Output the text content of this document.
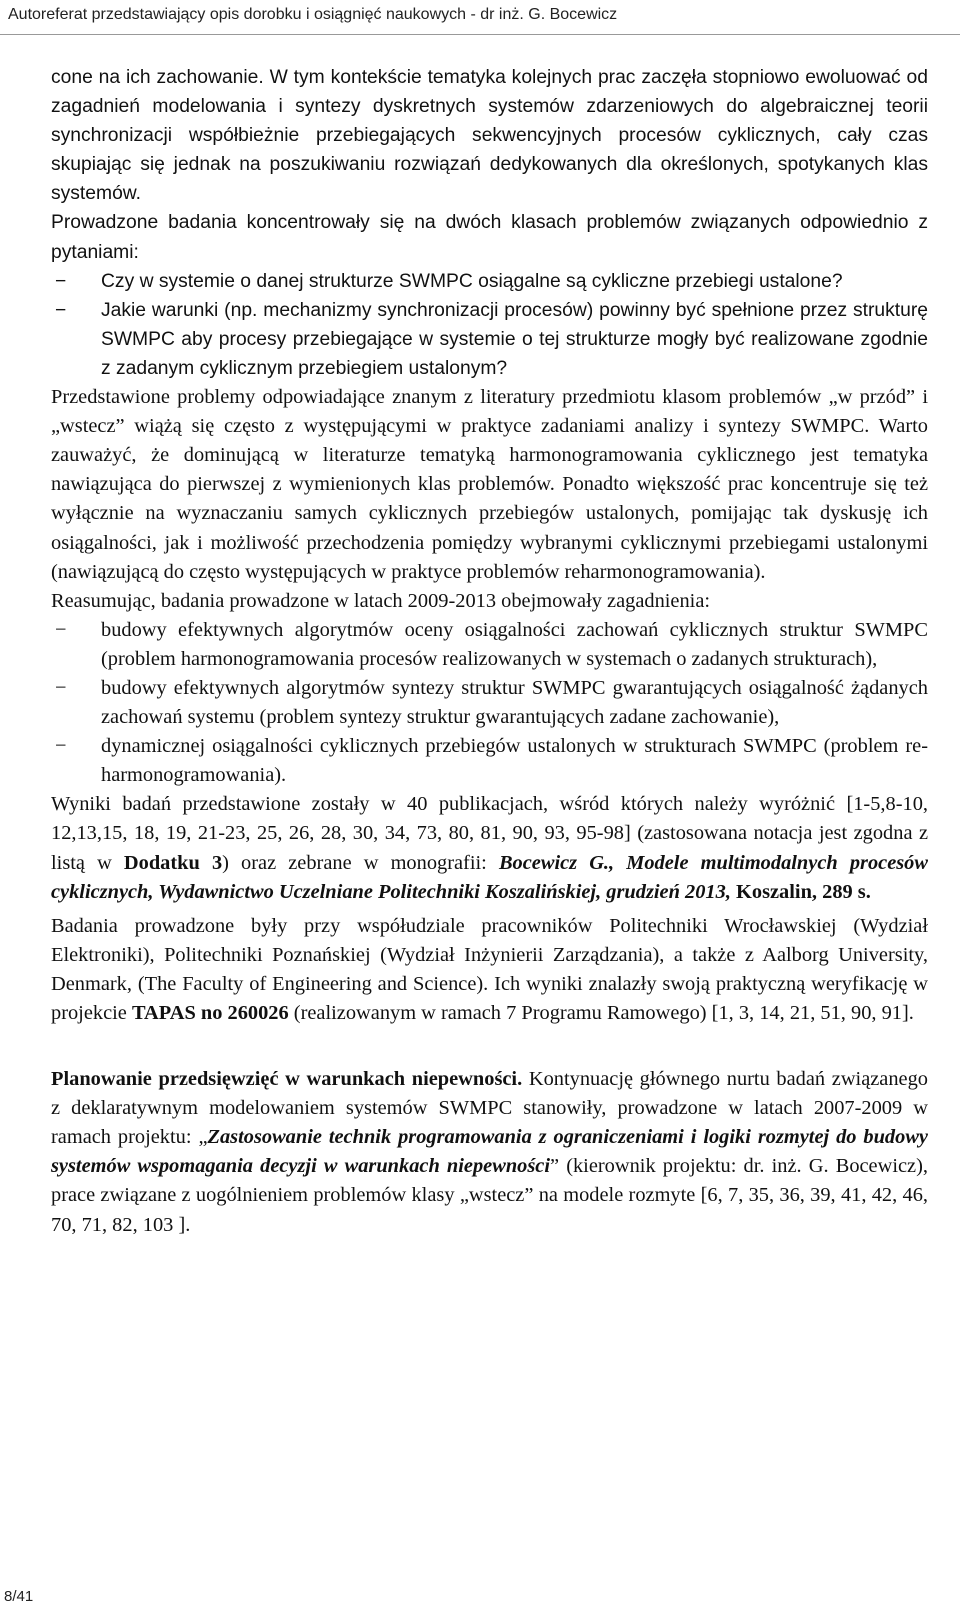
Autoreferat przedstawiający opis dorobku i osiągnięć naukowych - dr inż. G. Bocewicz

cone na ich zachowanie. W tym kontekście tematyka kolejnych prac zaczęła stopniowo ewoluować od zagadnień modelowania i syntezy dyskretnych systemów zdarzeniowych do algebraicznej teorii synchronizacji współbieżnie przebiegających sekwencyjnych procesów cyklicznych, cały czas skupiając się jednak na poszukiwaniu rozwiązań dedykowanych dla określonych, spotykanych klas systemów.

Prowadzone badania koncentrowały się na dwóch klasach problemów związanych odpowiednio z pytaniami:

− Czy w systemie o danej strukturze SWMPC osiągalne są cykliczne przebiegi ustalone?
− Jakie warunki (np. mechanizmy synchronizacji procesów) powinny być spełnione przez strukturę SWMPC aby procesy przebiegające w systemie o tej strukturze mogły być realizowane zgodnie z zadanym cyklicznym przebiegiem ustalonym?

Przedstawione problemy odpowiadające znanym z literatury przedmiotu klasom problemów „w przód” i „wstecz” wiążą się często z występującymi w praktyce zadaniami analizy i syntezy SWMPC. Warto zauważyć, że dominującą w literaturze tematyką harmonogramowania cyklicznego jest tematyka nawiązująca do pierwszej z wymienionych klas problemów. Ponadto większość prac koncentruje się też wyłącznie na wyznaczaniu samych cyklicznych przebiegów ustalonych, pomijając tak dyskusję ich osiągalności, jak i możliwość przechodzenia pomiędzy wybranymi cyklicznymi przebiegami ustalonymi (nawiązującą do często występujących w praktyce problemów reharmonogramowania).

Reasumując, badania prowadzone w latach 2009-2013 obejmowały zagadnienia:

− budowy efektywnych algorytmów oceny osiągalności zachowań cyklicznych struktur SWMPC (problem harmonogramowania procesów realizowanych w systemach o zadanych strukturach),
− budowy efektywnych algorytmów syntezy struktur SWMPC gwarantujących osiągalność żądanych zachowań systemu (problem syntezy struktur gwarantujących zadane zachowanie),
− dynamicznej osiągalności cyklicznych przebiegów ustalonych w strukturach SWMPC (problem re-harmonogramowania).

Wyniki badań przedstawione zostały w 40 publikacjach, wśród których należy wyróżnić [1-5,8-10, 12,13,15, 18, 19, 21-23, 25, 26, 28, 30, 34, 73, 80, 81, 90, 93, 95-98] (zastosowana notacja jest zgodna z listą w Dodatku 3) oraz zebrane w monografii: Bocewicz G., Modele multimodalnych procesów cyklicznych, Wydawnictwo Uczelniane Politechniki Koszalińskiej, grudzień 2013, Koszalin, 289 s.

Badania prowadzone były przy współudziale pracowników Politechniki Wrocławskiej (Wydział Elektroniki), Politechniki Poznańskiej (Wydział Inżynierii Zarządzania), a także z Aalborg University, Denmark, (The Faculty of Engineering and Science). Ich wyniki znalazły swoją praktyczną weryfikację w projekcie TAPAS no 260026 (realizowanym w ramach 7 Programu Ramowego) [1, 3, 14, 21, 51, 90, 91].

Planowanie przedsięwzięć w warunkach niepewności. Kontynuację głównego nurtu badań związanego z deklaratywnym modelowaniem systemów SWMPC stanowiły, prowadzone w latach 2007-2009 w ramach projektu: „Zastosowanie technik programowania z ograniczeniami i logiki rozmytej do budowy systemów wspomagania decyzji w warunkach niepewności” (kierownik projektu: dr. inż. G. Bocewicz), prace związane z uogólnieniem problemów klasy „wstecz” na modele rozmyte [6, 7, 35, 36, 39, 41, 42, 46, 70, 71, 82, 103 ].

8/41
